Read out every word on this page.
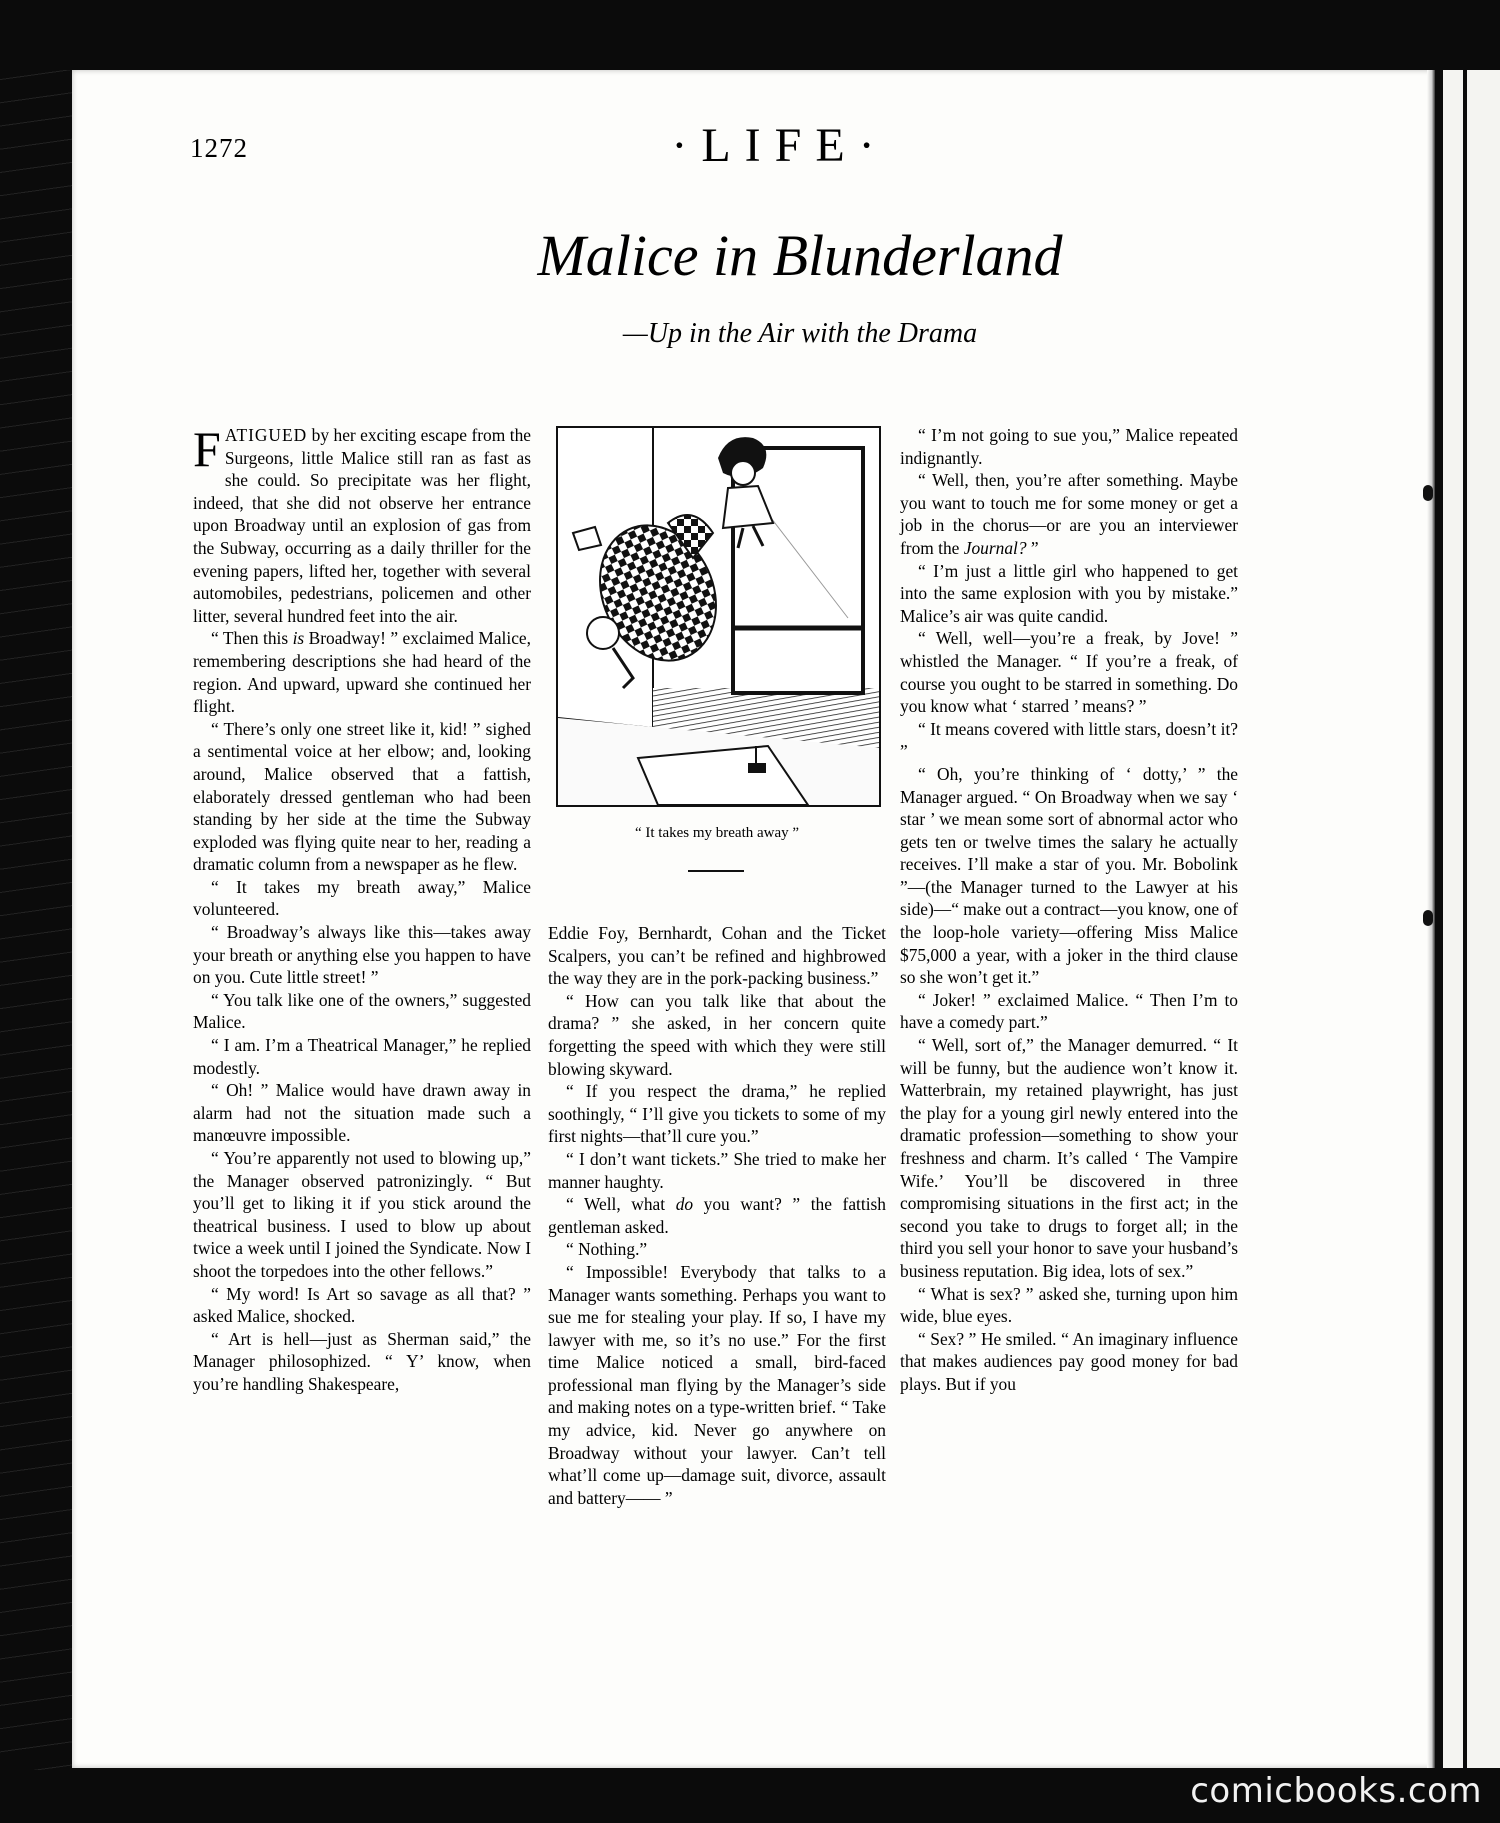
1272	·LIFE·
Malice in Blunderland

—Up in the Air with the Drama

FATIGUED by her exciting escape from the Surgeons, little Malice still ran as fast as she could. So precipitate was her flight, indeed, that she did not observe her entrance upon Broadway until an explosion of gas from the Subway, occurring as a daily thriller for the evening papers, lifted her, together with several automobiles, pedestrians, policemen and other litter, several hundred feet into the air.

“ Then this is Broadway! ” exclaimed Malice, remembering descriptions she had heard of the region. And upward, upward she continued her flight.

“ There’s only one street like it, kid! ” sighed a sentimental voice at her elbow; and, looking around, Malice observed that a fattish, elaborately dressed gentleman who had been standing by her side at the time the Subway exploded was flying quite near to her, reading a dramatic column from a newspaper as he flew.

“ It takes my breath away,” Malice volunteered.

“ Broadway’s always like this—takes away your breath or anything else you happen to have on you. Cute little street! ”

“ You talk like one of the owners,” suggested Malice.

“ I am. I’m a Theatrical Manager,” he replied modestly.

“ Oh! ” Malice would have drawn away in alarm had not the situation made such a manœuvre impossible.

“ You’re apparently not used to blowing up,” the Manager observed patronizingly. “ But you’ll get to liking it if you stick around the theatrical business. I used to blow up about twice a week until I joined the Syndicate. Now I shoot the torpedoes into the other fellows.”

“ My word! Is Art so savage as all that? ” asked Malice, shocked.

“ Art is hell—just as Sherman said,” the Manager philosophized. “ Y’ know, when you’re handling Shakespeare,

“ It takes my breath away ”

Eddie Foy, Bernhardt, Cohan and the Ticket Scalpers, you can’t be refined and highbrowed the way they are in the pork-packing business.”

“ How can you talk like that about the drama? ” she asked, in her concern quite forgetting the speed with which they were still blowing skyward.

“ If you respect the drama,” he replied soothingly, “ I’ll give you tickets to some of my first nights—that’ll cure you.”

“ I don’t want tickets.” She tried to make her manner haughty.

“ Well, what do you want? ” the fattish gentleman asked.

“ Nothing.”

“ Impossible! Everybody that talks to a Manager wants something. Perhaps you want to sue me for stealing your play. If so, I have my lawyer with me, so it’s no use.” For the first time Malice noticed a small, bird-faced professional man flying by the Manager’s side and making notes on a type-written brief. “ Take my advice, kid. Never go anywhere on Broadway without your lawyer. Can’t tell what’ll come up—damage suit, divorce, assault and battery—— ”

“ I’m not going to sue you,” Malice repeated indignantly.

“ Well, then, you’re after something. Maybe you want to touch me for some money or get a job in the chorus—or are you an interviewer from the Journal? ”

“ I’m just a little girl who happened to get into the same explosion with you by mistake.” Malice’s air was quite candid.

“ Well, well—you’re a freak, by Jove! ” whistled the Manager. “ If you’re a freak, of course you ought to be starred in something. Do you know what ‘ starred ’ means? ”

“ It means covered with little stars, doesn’t it? ”

“ Oh, you’re thinking of ‘ dotty,’ ” the Manager argued. “ On Broadway when we say ‘ star ’ we mean some sort of abnormal actor who gets ten or twelve times the salary he actually receives. I’ll make a star of you. Mr. Bobolink ”—(the Manager turned to the Lawyer at his side)—“ make out a contract—you know, one of the loop-hole variety—offering Miss Malice $75,000 a year, with a joker in the third clause so she won’t get it.”

“ Joker! ” exclaimed Malice. “ Then I’m to have a comedy part.”

“ Well, sort of,” the Manager demurred. “ It will be funny, but the audience won’t know it. Watterbrain, my retained playwright, has just the play for a young girl newly entered into the dramatic profession—something to show your freshness and charm. It’s called ‘ The Vampire Wife.’ You’ll be discovered in three compromising situations in the first act; in the second you take to drugs to forget all; in the third you sell your honor to save your husband’s business reputation. Big idea, lots of sex.”

“ What is sex? ” asked she, turning upon him wide, blue eyes.

“ Sex? ” He smiled. “ An imaginary influence that makes audiences pay good money for bad plays. But if you

comicbooks.com
